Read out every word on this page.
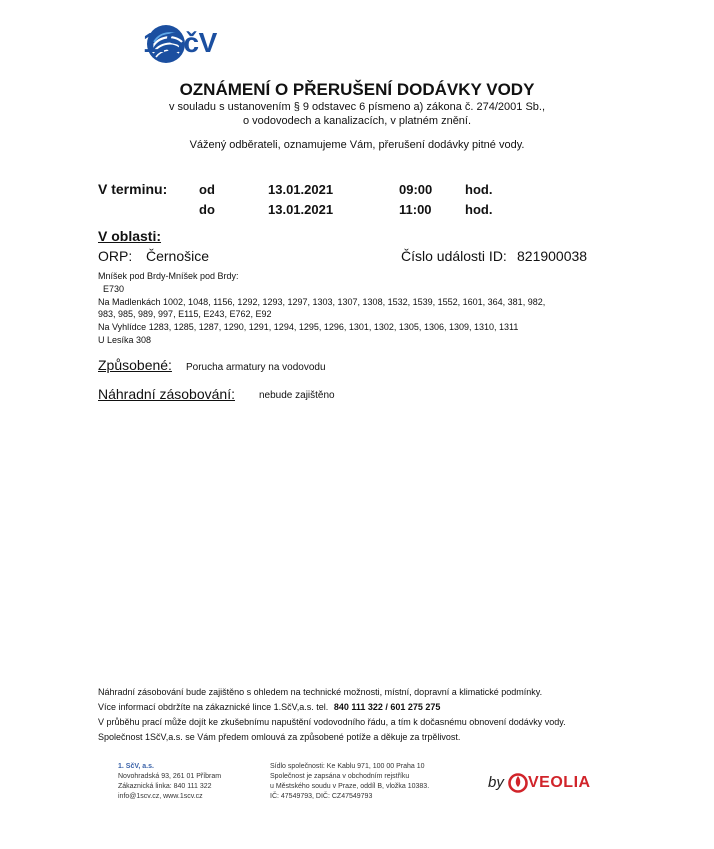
1.SčV
OZNÁMENÍ O PŘERUŠENÍ DODÁVKY VODY
v souladu s ustanovením § 9 odstavec 6 písmeno a) zákona č. 274/2001 Sb.,
o vodovodech a kanalizacích, v platném znění.
Vážený odběrateli, oznamujeme Vám, přerušení dodávky pitné vody.
V terminu: od	13.01.2021	09:00	hod.
do	13.01.2021	11:00	hod.
V oblasti:
ORP: Černošice	Číslo události ID: 821900038
Mníšek pod Brdy-Mníšek pod Brdy:
E730
Na Madlenkách 1002, 1048, 1156, 1292, 1293, 1297, 1303, 1307, 1308, 1532, 1539, 1552, 1601, 364, 381, 982,
983, 985, 989, 997, E115, E243, E762, E92
Na Vyhlídce 1283, 1285, 1287, 1290, 1291, 1294, 1295, 1296, 1301, 1302, 1305, 1306, 1309, 1310, 1311
U Lesíka 308
Způsobené: Porucha armatury na vodovodu
Náhradní zásobování: nebude zajištěno
Náhradní zásobování bude zajištěno s ohledem na technické možnosti, místní, dopravní a klimatické podmínky.
Více informací obdržíte na zákaznické lince 1.SčV,a.s. tel. 840 111 322 / 601 275 275
V průběhu prací může dojít ke zkušebnímu napuštění vodovodního řádu, a tím k dočasnému obnovení dodávky vody.
Společnost 1SčV,a.s. se Vám předem omlouvá za způsobené potíže a děkuje za trpělivost.
1. SčV, a.s.
Novohradská 93, 261 01 Příbram
Zákaznická linka: 840 111 322
info@1scv.cz, www.1scv.cz
Sídlo společnosti: Ke Kablu 971, 100 00 Praha 10
Společnost je zapsána v obchodním rejstříku
u Městského soudu v Praze, oddíl B, vložka 10383.
IČ: 47549793, DIČ: CZ47549793
by VEOLIA
